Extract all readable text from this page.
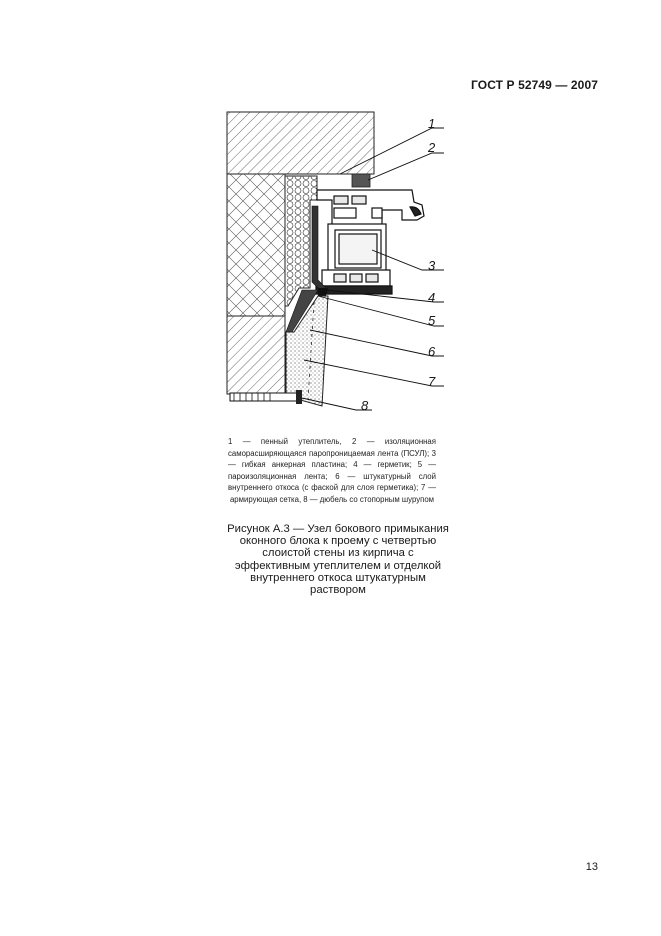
ГОСТ Р 52749 — 2007
1
2
3
4
5
6
7
8
1 — пенный утеплитель, 2 — изоляционная саморасширяющаяся паропроницаемая лента (ПСУЛ); 3 — гибкая анкерная пластина; 4 — герметик; 5 — пароизоляционная лента; 6 — штукатурный слой внутреннего откоса (с фаской для слоя герметика); 7 — армирующая сетка, 8 — дюбель со стопорным шурупом
Рисунок А.3 — Узел бокового примыкания оконного блока к проему с четвертью слоистой стены из кирпича с эффективным утеплителем и отделкой внутреннего откоса штукатурным раствором
13
